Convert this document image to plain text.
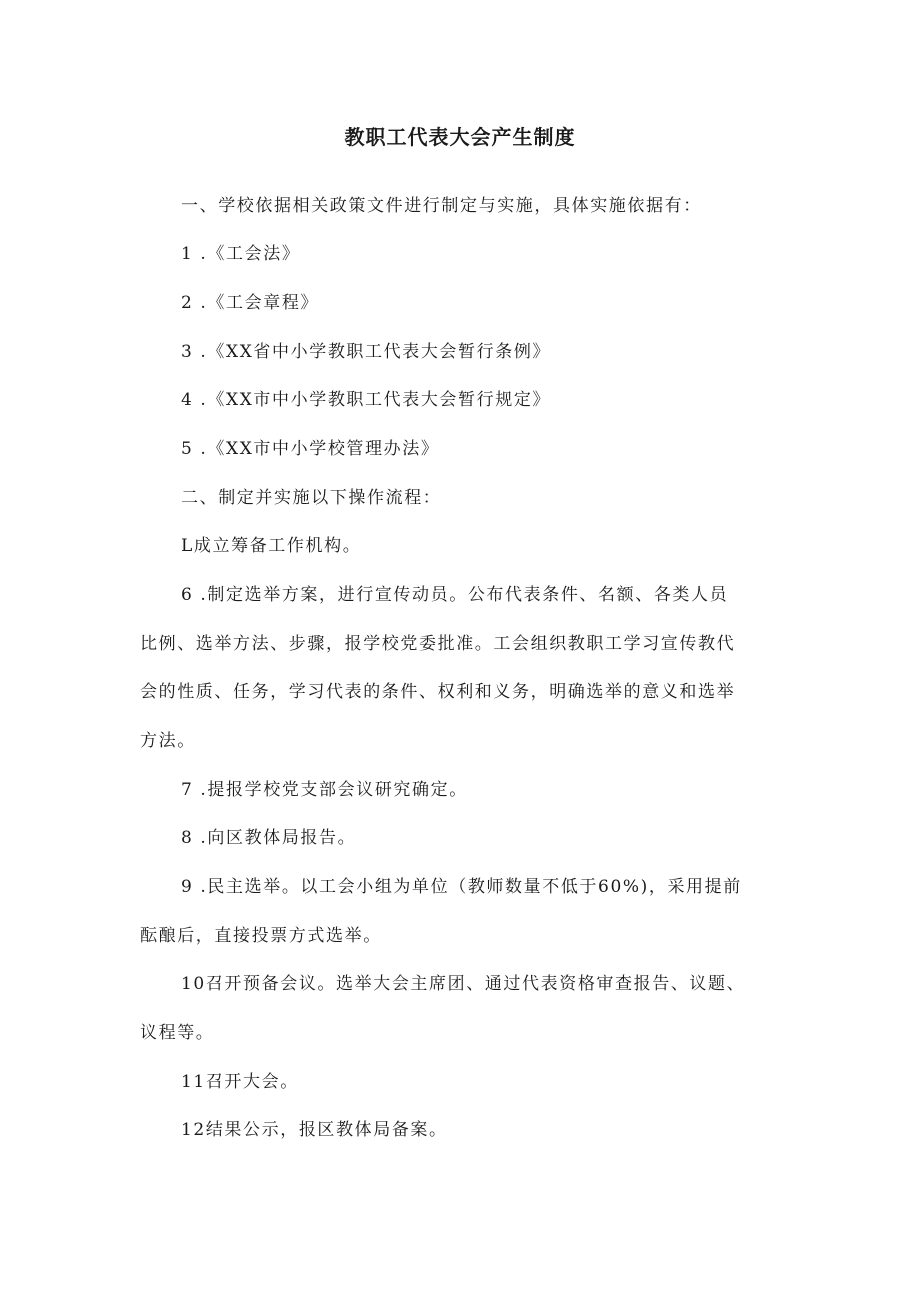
教职工代表大会产生制度
一、学校依据相关政策文件进行制定与实施，具体实施依据有：
1 .《工会法》
2 .《工会章程》
3 .《XX省中小学教职工代表大会暂行条例》
4 .《XX市中小学教职工代表大会暂行规定》
5 .《XX市中小学校管理办法》
二、制定并实施以下操作流程：
L成立筹备工作机构。
6 .制定选举方案，进行宣传动员。公布代表条件、名额、各类人员
比例、选举方法、步骤，报学校党委批准。工会组织教职工学习宣传教代
会的性质、任务，学习代表的条件、权利和义务，明确选举的意义和选举
方法。
7 .提报学校党支部会议研究确定。
8 .向区教体局报告。
9 .民主选举。以工会小组为单位（教师数量不低于60%)，采用提前
酝酿后，直接投票方式选举。
10召开预备会议。选举大会主席团、通过代表资格审查报告、议题、
议程等。
11召开大会。
12结果公示，报区教体局备案。
